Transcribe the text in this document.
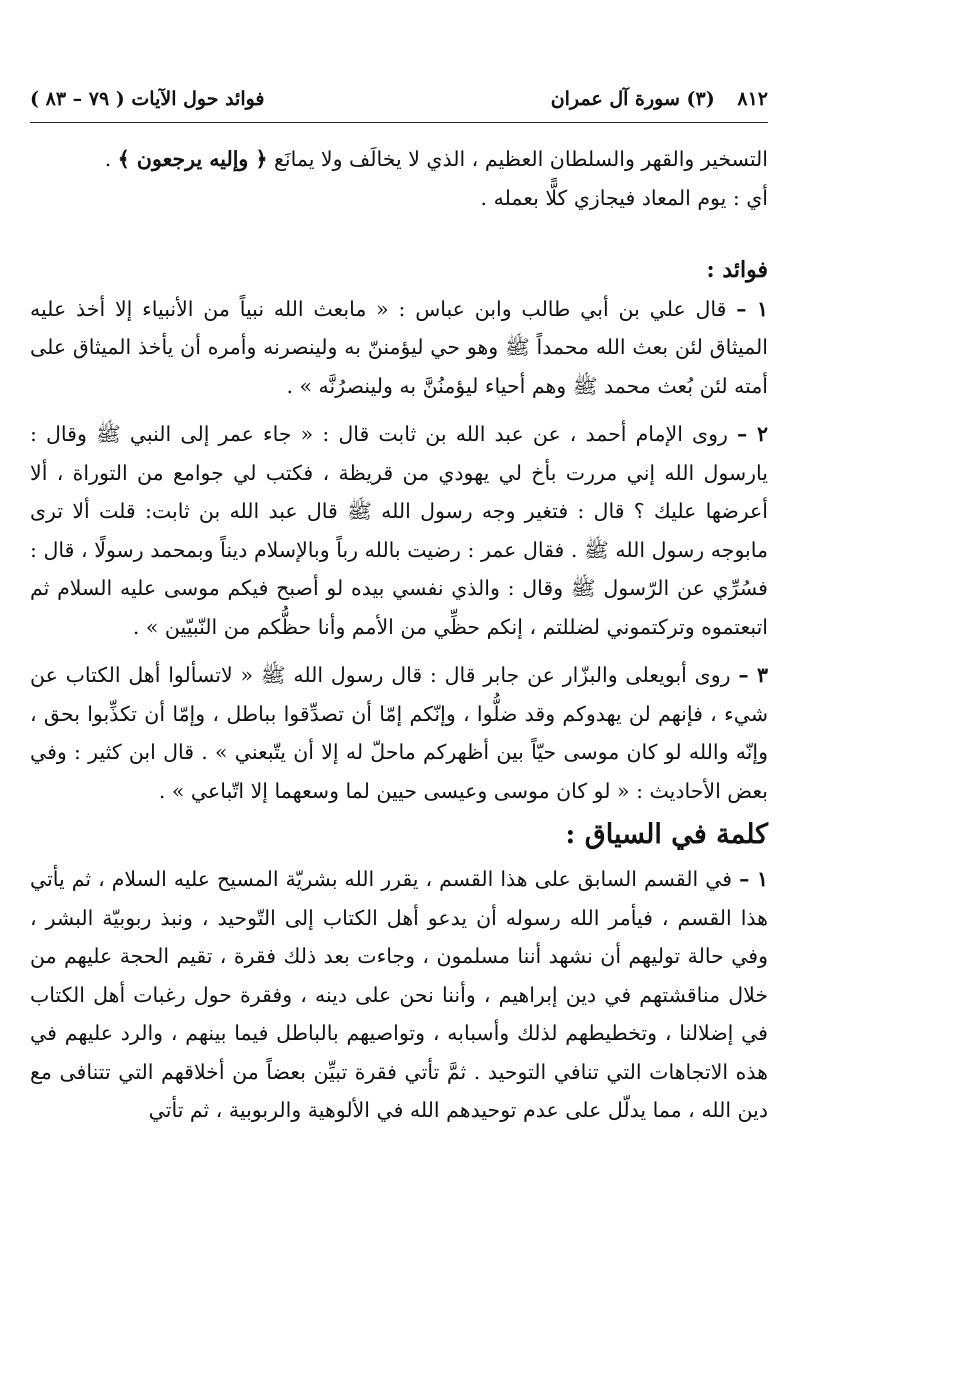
٨١٢ (٣) سورة آل عمران
فوائد حول الآيات ( ٧٩ – ٨٣ )

التسخير والقهر والسلطان العظيم ، الذي لا يخالَف ولا يمانَع ﴿ وإليه يرجعون ﴾ .

أي : يوم المعاد فيجازي كلًّا بعمله .

فوائد :

١ – قال علي بن أبي طالب وابن عباس : « مابعث الله نبياً من الأنبياء إلا أخذ عليه الميثاق لئن بعث الله محمداً ﷺ وهو حي ليؤمننّ به ولينصرنه وأمره أن يأخذ الميثاق على أمته لئن بُعث محمد ﷺ وهم أحياء ليؤمنُنَّ به ولينصرُنَّه » .

٢ – روى الإمام أحمد ، عن عبد الله بن ثابت قال : « جاء عمر إلى النبي ﷺ وقال : يارسول الله إني مررت بأخ لي يهودي من قريظة ، فكتب لي جوامع من التوراة ، ألا أعرضها عليك ؟ قال : فتغير وجه رسول الله ﷺ قال عبد الله بن ثابت: قلت ألا ترى مابوجه رسول الله ﷺ . فقال عمر : رضيت بالله رباً وبالإسلام ديناً وبمحمد رسولًا ، قال : فسُرِّي عن الرّسول ﷺ وقال : والذي نفسي بيده لو أصبح فيكم موسى عليه السلام ثم اتبعتموه وتركتموني لضللتم ، إنكم حظِّي من الأمم وأنا حظُّكم من النّبيّين » .

٣ – روى أبويعلى والبزّار عن جابر قال : قال رسول الله ﷺ « لاتسألوا أهل الكتاب عن شيء ، فإنهم لن يهدوكم وقد ضلُّوا ، وإنّكم إمّا أن تصدِّقوا بباطل ، وإمّا أن تكذِّبوا بحق ، وإنّه والله لو كان موسى حيّاً بين أظهركم ماحلّ له إلا أن يتّبعني » . قال ابن كثير : وفي بعض الأحاديث : « لو كان موسى وعيسى حيين لما وسعهما إلا اتّباعي » .

كلمة في السياق :

١ – في القسم السابق على هذا القسم ، يقرر الله بشريّة المسيح عليه السلام ، ثم يأتي هذا القسم ، فيأمر الله رسوله أن يدعو أهل الكتاب إلى التّوحيد ، ونبذ ربوبيّة البشر ، وفي حالة توليهم أن نشهد أننا مسلمون ، وجاءت بعد ذلك فقرة ، تقيم الحجة عليهم من خلال مناقشتهم في دين إبراهيم ، وأننا نحن على دينه ، وفقرة حول رغبات أهل الكتاب في إضلالنا ، وتخطيطهم لذلك وأسبابه ، وتواصيهم بالباطل فيما بينهم ، والرد عليهم في هذه الاتجاهات التي تنافي التوحيد . ثمَّ تأتي فقرة تبيِّن بعضاً من أخلاقهم التي تتنافى مع دين الله ، مما يدلّل على عدم توحيدهم الله في الألوهية والربوبية ، ثم تأتي
